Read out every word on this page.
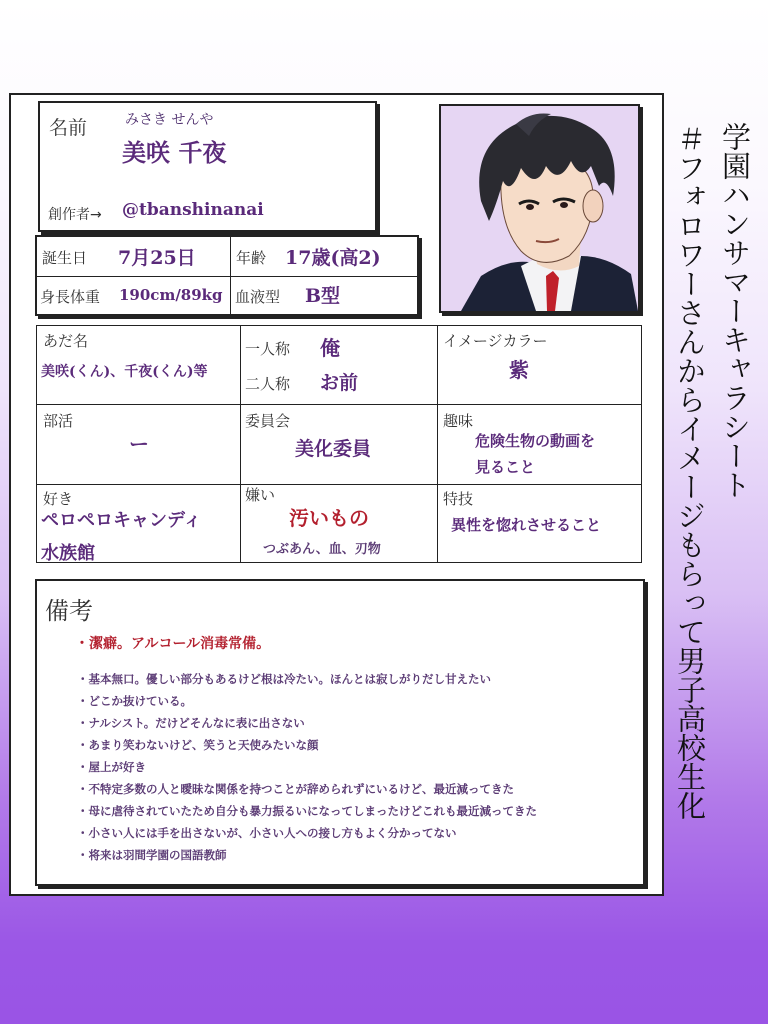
学園ハンサマーキャラシート
＃フォロワーさんからイメージもらって男子高校生化
名前	みさき せんや
美咲 千夜
創作者→ @tbanshinanai
誕生日 7月25日	年齢 17歳(高2)
身長体重 190cm/89kg 血液型 B型
あだ名
美咲(くん)、千夜(くん)等
一人称 俺
二人称 お前
イメージカラー
紫
部活
ー
委員会
美化委員
趣味
危険生物の動画を
見ること
好き
ペロペロキャンディ
水族館
嫌い
汚いもの
つぶあん、血、刃物
特技
異性を惚れさせること
備考
・潔癖。アルコール消毒常備。
・基本無口。優しい部分もあるけど根は冷たい。ほんとは寂しがりだし甘えたい
・どこか抜けている。
・ナルシスト。だけどそんなに表に出さない
・あまり笑わないけど、笑うと天使みたいな顔
・屋上が好き
・不特定多数の人と曖昧な関係を持つことが辞められずにいるけど、最近減ってきた
・母に虐待されていたため自分も暴力振るいになってしまったけどこれも最近減ってきた
・小さい人には手を出さないが、小さい人への接し方もよく分かってない
・将来は羽間学園の国語教師
